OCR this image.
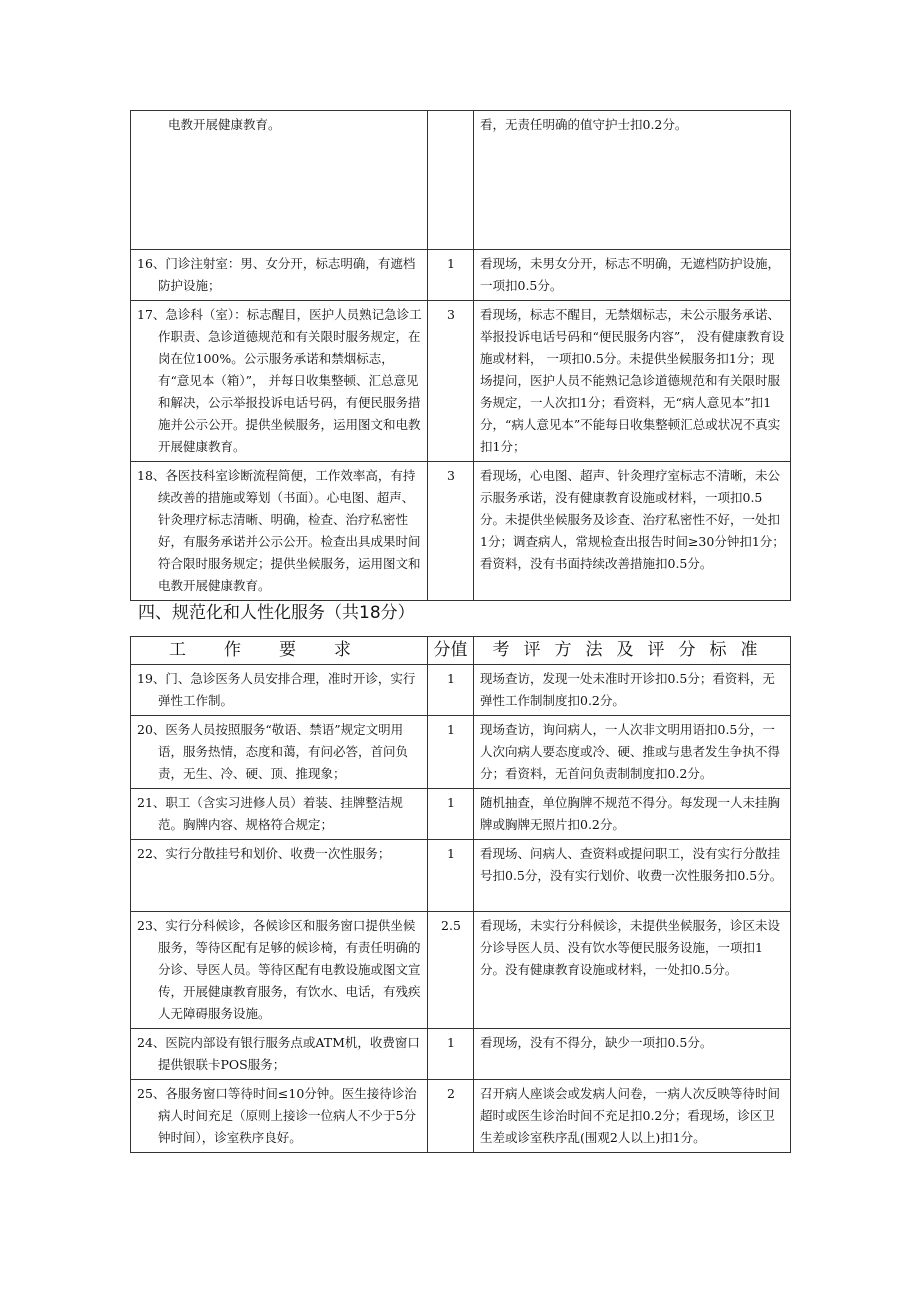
电教开展健康教育。		看，无责任明确的值守护士扣0.2分。
16、门诊注射室：男、女分开，标志明确，有遮档防护设施；	1	看现场，未男女分开，标志不明确，无遮档防护设施，一项扣0.5分。
17、急诊科（室）：标志醒目，医护人员熟记急诊工作职责、急诊道德规范和有关限时服务规定，在岗在位100%。公示服务承诺和禁烟标志，有“意见本（箱）”， 并每日收集整顿、汇总意见和解决，公示举报投诉电话号码，有便民服务措施并公示公开。提供坐候服务，运用图文和电教开展健康教育。	3	看现场，标志不醒目，无禁烟标志，未公示服务承诺、举报投诉电话号码和“便民服务内容”， 没有健康教育设施或材料， 一项扣0.5分。未提供坐候服务扣1分；现场提问，医护人员不能熟记急诊道德规范和有关限时服务规定，一人次扣1分；看资料，无“病人意见本”扣1分，“病人意见本”不能每日收集整顿汇总或状况不真实扣1分；
18、各医技科室诊断流程简便，工作效率高，有持续改善的措施或筹划（书面）。心电图、超声、针灸理疗标志清晰、明确，检查、治疗私密性好，有服务承诺并公示公开。检查出具成果时间符合限时服务规定；提供坐候服务，运用图文和电教开展健康教育。	3	看现场，心电图、超声、针灸理疗室标志不清晰，未公示服务承诺，没有健康教育设施或材料，一项扣0.5分。未提供坐候服务及诊查、治疗私密性不好，一处扣1分；调查病人，常规检查出报告时间≥30分钟扣1分；看资料，没有书面持续改善措施扣0.5分。
四、规范化和人性化服务（共18分）
工作要求	分值	考评方法及评分标准
19、门、急诊医务人员安排合理，准时开诊，实行弹性工作制。	1	现场查访，发现一处未准时开诊扣0.5分；看资料，无弹性工作制制度扣0.2分。
20、医务人员按照服务“敬语、禁语”规定文明用语，服务热情，态度和蔼，有问必答，首问负责，无生、冷、硬、顶、推现象；	1	现场查访，询问病人，一人次非文明用语扣0.5分，一人次向病人要态度或冷、硬、推或与患者发生争执不得分；看资料，无首问负责制制度扣0.2分。
21、职工（含实习进修人员）着装、挂牌整洁规范。胸牌内容、规格符合规定；	1	随机抽查，单位胸牌不规范不得分。每发现一人未挂胸牌或胸牌无照片扣0.2分。
22、实行分散挂号和划价、收费一次性服务；	1	看现场、问病人、查资料或提问职工，没有实行分散挂号扣0.5分，没有实行划价、收费一次性服务扣0.5分。
23、实行分科候诊，各候诊区和服务窗口提供坐候服务，等待区配有足够的候诊椅，有责任明确的分诊、导医人员。等待区配有电教设施或图文宣传，开展健康教育服务，有饮水、电话，有残疾人无障碍服务设施。	2.5	看现场，未实行分科候诊，未提供坐候服务，诊区未设分诊导医人员、没有饮水等便民服务设施，一项扣1分。没有健康教育设施或材料，一处扣0.5分。
24、医院内部设有银行服务点或ATM机，收费窗口提供银联卡POS服务；	1	看现场，没有不得分，缺少一项扣0.5分。
25、各服务窗口等待时间≤10分钟。医生接待诊治病人时间充足（原则上接诊一位病人不少于5分钟时间），诊室秩序良好。	2	召开病人座谈会或发病人问卷，一病人次反映等待时间超时或医生诊治时间不充足扣0.2分；看现场，诊区卫生差或诊室秩序乱(围观2人以上)扣1分。
